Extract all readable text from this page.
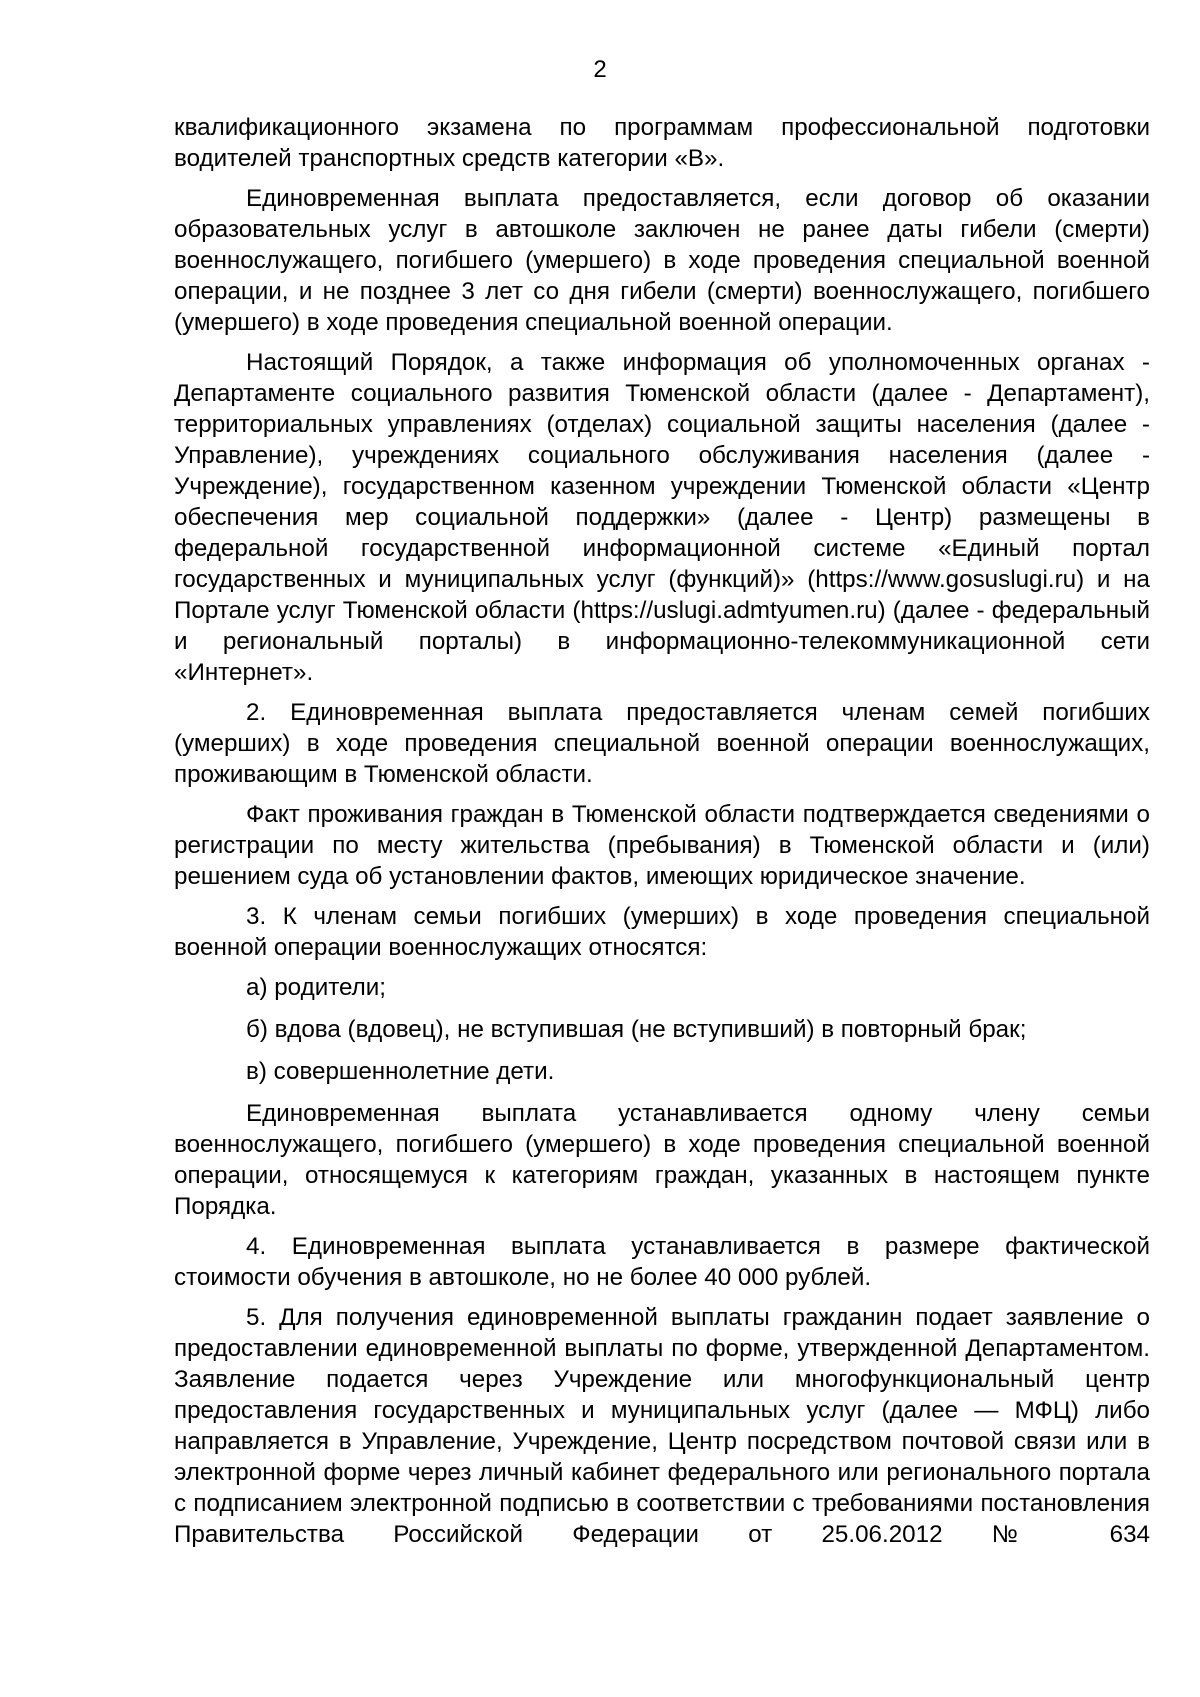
2

квалификационного экзамена по программам профессиональной подготовки водителей транспортных средств категории «В».

Единовременная выплата предоставляется, если договор об оказании образовательных услуг в автошколе заключен не ранее даты гибели (смерти) военнослужащего, погибшего (умершего) в ходе проведения специальной военной операции, и не позднее 3 лет со дня гибели (смерти) военнослужащего, погибшего (умершего) в ходе проведения специальной военной операции.

Настоящий Порядок, а также информация об уполномоченных органах - Департаменте социального развития Тюменской области (далее - Департамент), территориальных управлениях (отделах) социальной защиты населения (далее - Управление), учреждениях социального обслуживания населения (далее - Учреждение), государственном казенном учреждении Тюменской области «Центр обеспечения мер социальной поддержки» (далее - Центр) размещены в федеральной государственной информационной системе «Единый портал государственных и муниципальных услуг (функций)» (https://www.gosuslugi.ru) и на Портале услуг Тюменской области (https://uslugi.admtyumen.ru) (далее - федеральный и региональный порталы) в информационно-телекоммуникационной сети «Интернет».

2. Единовременная выплата предоставляется членам семей погибших (умерших) в ходе проведения специальной военной операции военнослужащих, проживающим в Тюменской области.

Факт проживания граждан в Тюменской области подтверждается сведениями о регистрации по месту жительства (пребывания) в Тюменской области и (или) решением суда об установлении фактов, имеющих юридическое значение.

3. К членам семьи погибших (умерших) в ходе проведения специальной военной операции военнослужащих относятся:

а) родители;

б) вдова (вдовец), не вступившая (не вступивший) в повторный брак;

в) совершеннолетние дети.

Единовременная выплата устанавливается одному члену семьи военнослужащего, погибшего (умершего) в ходе проведения специальной военной операции, относящемуся к категориям граждан, указанных в настоящем пункте Порядка.

4. Единовременная выплата устанавливается в размере фактической стоимости обучения в автошколе, но не более 40 000 рублей.

5. Для получения единовременной выплаты гражданин подает заявление о предоставлении единовременной выплаты по форме, утвержденной Департаментом. Заявление подается через Учреждение или многофункциональный центр предоставления государственных и муниципальных услуг (далее — МФЦ) либо направляется в Управление, Учреждение, Центр посредством почтовой связи или в электронной форме через личный кабинет федерального или регионального портала с подписанием электронной подписью в соответствии с требованиями постановления Правительства Российской Федерации от 25.06.2012 № 634
